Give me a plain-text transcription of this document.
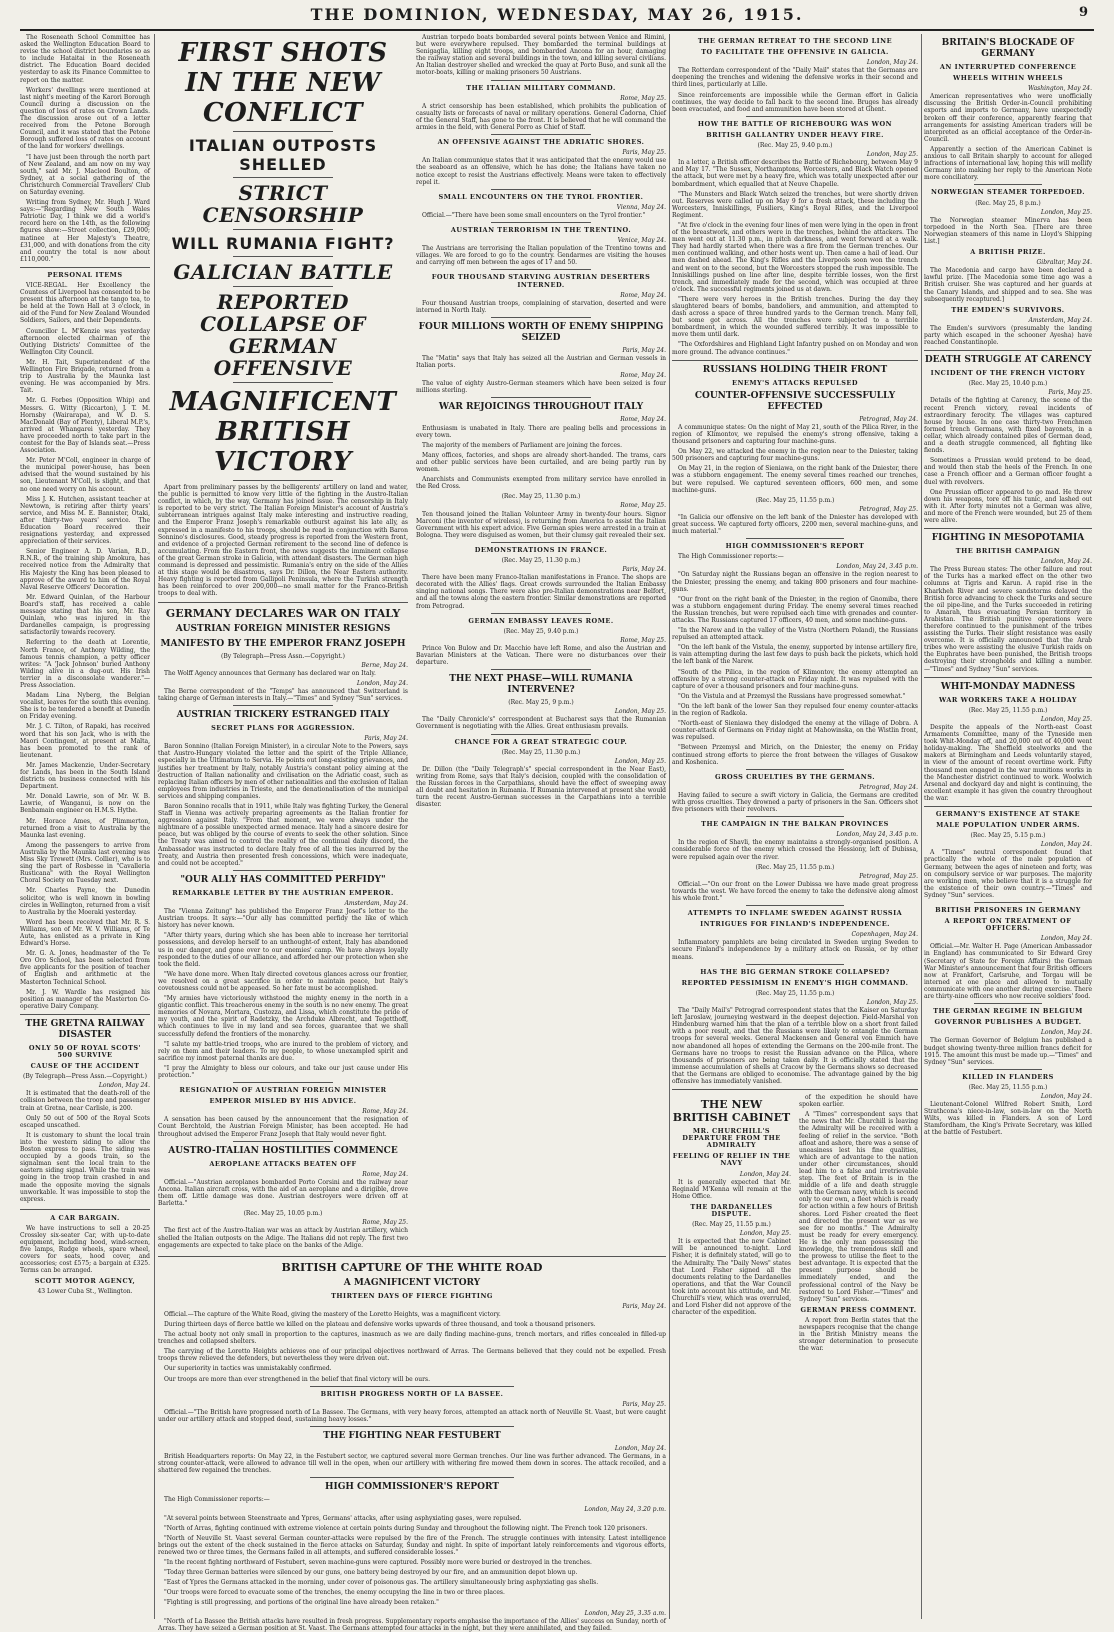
THE DOMINION, WEDNESDAY, MAY 26, 1915.	9

The Roseneath School Committee has asked the Wellington Education Board to revise the school district boundaries so as to include Hataitai in the Roseneath district. The Education Board decided yesterday to ask its Finance Committee to report on the matter.

Workers' dwellings were mentioned at last night's meeting of the Karori Borough Council during a discussion on the question of loss of rates on Crown Lands. The discussion arose out of a letter received from the Petone Borough Council, and it was stated that the Petone Borough suffered loss of rates on account of the land for workers' dwellings.

"I have just been through the north part of New Zealand, and am now on my way south," said Mr. J. Macleod Boulton, of Sydney, at a social gathering of the Christchurch Commercial Travellers' Club on Saturday evening.

Writing from Sydney, Mr. Hugh J. Ward says:—"Regarding New South Wales Patriotic Day, I think we did a world's record here on the 14th, as the following figures show:—Street collection, £29,000; matinee at Her Majesty's Theatre, £31,000, and with donations from the city and country the total is now about £110,000."

PERSONAL ITEMS

VICE-REGAL. Her Excellency the Countess of Liverpool has consented to be present this afternoon at the tango tea, to be held at the Town Hall at 3 o'clock, in aid of the Fund for New Zealand Wounded Soldiers, Sailors, and their Dependents.

Councillor L. M'Kenzie was yesterday afternoon elected chairman of the Outlying Districts' Committee of the Wellington City Council.

Mr. H. Tait, Superintendent of the Wellington Fire Brigade, returned from a trip to Australia by the Maunka last evening. He was accompanied by Mrs. Tait.

Mr. G. Forbes (Opposition Whip) and Messrs. G. Witty (Riccarton), J. T. M. Hornsby (Wairarapa), and W. D. S. MacDonald (Bay of Plenty), Liberal M.P.'s, arrived at Whangarei yesterday. They have proceeded north to take part in the contest for the Bay of Islands seat.—Press Association.

Mr. Peter M'Coll, engineer in charge of the municipal power-house, has been advised that the wound sustained by his son, Lieutenant M'Coll, is slight, and that no one need worry on his account.

Miss J. K. Hutchen, assistant teacher at Newtown, is retiring after thirty years' service, and Miss M. E. Bannister, Otaki, after thirty-two years' service. The Education Board received their resignations yesterday, and expressed appreciation of their services.

Senior Engineer A. D. Varian, R.D., R.N.R., of the training ship Amokura, has received notice from the Admiralty that His Majesty the King has been pleased to approve of the award to him of the Royal Naval Reserve Officers' Decoration.

Mr. Edward Quinlan, of the Harbour Board's staff, has received a cable message stating that his son, Mr. Ray Quinlan, who was injured in the Dardanelles campaign, is progressing satisfactorily towards recovery.

Referring to the death at Lorentie, North France, of Anthony Wilding, the famous tennis champion, a petty officer writes: "A 'Jack Johnson' buried Anthony Wilding alive in a dug-out. His Irish terrier in a disconsolate wanderer."—Press Association.

Madam Lina Nyberg, the Belgian vocalist, leaves for the south this evening. She is to be tendered a benefit at Dunedin on Friday evening.

Mr. J. C. Tilton, of Rapaki, has received word that his son Jack, who is with the Maori Contingent, at present at Malta, has been promoted to the rank of lieutenant.

Mr. James Mackenzie, Under-Secretary for Lands, has been in the South Island districts on business connected with his Department.

Mr. Donald Lawrie, son of Mr. W. B. Lawrie, of Wanganui, is now on the Benbamain engineer on H.M.S. Hythe.

Mr. Horace Ames, of Plimmerton, returned from a visit to Australia by the Maunka last evening.

Among the passengers to arrive from Australia by the Maunka last evening was Miss Sky Trewett (Mrs. Collier), who is to sing the part of Rosbesse in "Cavalleria Rusticana" with the Royal Wellington Choral Society on Tuesday next.

Mr. Charles Payne, the Dunedin solicitor, who is well known in bowling circles in Wellington, returned from a visit to Australia by the Moeraki yesterday.

Word has been received that Mr. R. S. Williams, son of Mr. W. V. Williams, of Te Aute, has enlisted as a private in King Edward's Horse.

Mr. G. A. Jones, headmaster of the Te Oro Oro School, has been selected from five applicants for the position of teacher of English and arithmetic at the Masterton Technical School.

Mr. J. W. Wardle has resigned his position as manager of the Masterton Co-operative Dairy Company.

THE GRETNA RAILWAY DISASTER
ONLY 50 OF ROYAL SCOTS' 500 SURVIVE
CAUSE OF THE ACCIDENT
(By Telegraph—Press Assn.—Copyright.)
London, May 24.

It is estimated that the death-roll of the collision between the troop and passenger train at Gretna, near Carlisle, is 200.

Only 50 out of 500 of the Royal Scots escaped unscathed.

It is customary to shunt the local train into the western siding to allow the Boston express to pass. The siding was occupied by a goods train, so the signalman sent the local train to the eastern siding signal. While the train was going in the troop train crashed in and made the opposite moving the signals unworkable. It was impossible to stop the express.

A CAR BARGAIN.

We have instructions to sell a 20-25 Crossley six-seater Car, with up-to-date equipment, including hood, wind-screen, five lamps, Rudge wheels, spare wheel, covers for seats, hood cover, and accessories; cost £575; a bargain at £325. Terms can be arranged.

SCOTT MOTOR AGENCY,
43 Lower Cuba St., Wellington.
FIRST SHOTS IN THE NEW CONFLICT
ITALIAN OUTPOSTS SHELLED
STRICT CENSORSHIP
WILL RUMANIA FIGHT?
GALICIAN BATTLE
REPORTED COLLAPSE OF GERMAN OFFENSIVE
MAGNIFICENT BRITISH VICTORY

Apart from preliminary passes by the belligerents' artillery on land and water, the public is permitted to know very little of the fighting in the Austro-Italian conflict, in which, by the way, Germany has joined issue. The censorship in Italy is reported to be very strict. The Italian Foreign Minister's account of Austria's subterranean intrigues against Italy make interesting and instructive reading, and the Emperor Franz Joseph's remarkable outburst against his late ally, as expressed in a manifesto to his troops, should be read in conjunction with Baron Sonnino's disclosures. Good, steady progress is reported from the Western front, and evidence of a projected German retirement to the second line of defence is accumulating. From the Eastern front, the news suggests the imminent collapse of the great German stroke in Galicia, with attendant disasters. The German high command is depressed and pessimistic. Rumania's entry on the side of the Allies at this stage would be disastrous, says Dr. Dillon, the Near Eastern authority. Heavy fighting is reported from Gallipoli Peninsula, where the Turkish strength has been reinforced to over 200,000—no small matter for the Franco-British troops to deal with.

GERMANY DECLARES WAR ON ITALY
AUSTRIAN FOREIGN MINISTER RESIGNS
MANIFESTO BY THE EMPEROR FRANZ JOSEPH
(By Telegraph—Press Assn.—Copyright.)
Berne, May 24.

The Wolff Agency announces that Germany has declared war on Italy.

London, May 24.

The Berne correspondent of the "Temps" has announced that Switzerland is taking charge of German interests in Italy.—"Times" and Sydney "Sun" services.

AUSTRIAN TRICKERY ESTRANGED ITALY
SECRET PLANS FOR AGGRESSION.
Paris, May 24.

Baron Sonnino (Italian Foreign Minister), in a circular Note to the Powers, says that Austro-Hungary violated the letter and the spirit of the Triple Alliance, especially in the Ultimatum to Servia. He points out long-existing grievances, and justifies her treatment by Italy, notably Austria's constant policy aiming at the destruction of Italian nationality and civilisation on the Adriatic coast, such as replacing Italian officers by men of other nationalities and the exclusion of Italian employees from industries in Trieste, and the denationalisation of the municipal services and shipping companies.

Baron Sonnino recalls that in 1911, while Italy was fighting Turkey, the General Staff in Vienna was actively preparing agreements as the Italian frontier for aggression against Italy. "From that moment, we were always under the nightmare of a possible unexpected armed menace. Italy had a sincere desire for peace, but was obliged by the course of events to seek the other solution. Since the Treaty was aimed to control the reality of the continual daily discord, the Ambassador was instructed to declare Italy free of all the ties incurred by the Treaty, and Austria then presented fresh concessions, which were inadequate, and could not be accepted."

"OUR ALLY HAS COMMITTED PERFIDY"
REMARKABLE LETTER BY THE AUSTRIAN EMPEROR.
Amsterdam, May 24.

The "Vienna Zeitung" has published the Emperor Franz Josef's letter to the Austrian troops. It says:—"Our ally has committed perfidy the like of which history has never known.

"After thirty years, during which she has been able to increase her territorial possessions, and develop herself to an unthought-of extent, Italy has abandoned us in our danger, and gone over to our enemies' camp. We have always loyally responded to the duties of our alliance, and afforded her our protection when she took the field.

"We have done more. When Italy directed covetous glances across our frontier, we resolved on a great sacrifice in order to maintain peace, but Italy's covetousness could not be appeased. So her fate must be accomplished.

"My armies have victoriously withstood the mighty enemy in the north in a gigantic conflict. This treacherous enemy in the south is no new enemy. The great memories of Novara, Mortara, Custozza, and Lissa, which constitute the pride of my youth, and the spirit of Radetzky, the Archduke Albrecht, and Tegetthoff, which continues to live in my land and sea forces, guarantee that we shall successfully defend the frontiers of the monarchy.

"I salute my battle-tried troops, who are inured to the problem of victory, and rely on them and their leaders. To my people, to whose unexampled spirit and sacrifice my inmost paternal thanks are due.

"I pray the Almighty to bless our colours, and take our just cause under His protection."

RESIGNATION OF AUSTRIAN FOREIGN MINISTER
EMPEROR MISLED BY HIS ADVICE.
Rome, May 24.

A sensation has been caused by the announcement that the resignation of Count Berchtold, the Austrian Foreign Minister, has been accepted. He had throughout advised the Emperor Franz Joseph that Italy would never fight.

AUSTRO-ITALIAN HOSTILITIES COMMENCE
AEROPLANE ATTACKS BEATEN OFF
Rome, May 24.

Official.—"Austrian aeroplanes bombarded Porto Corsini and the railway near Ancona. Italian aircraft cross, with the aid of an aeroplane and a dirigible, drove them off. Little damage was done. Austrian destroyers were driven off at Barletta."

(Rec. May 25, 10.05 p.m.)
Rome, May 25.

The first act of the Austro-Italian war was an attack by Austrian artillery, which shelled the Italian outposts on the Adige. The Italians did not reply. The first two engagements are expected to take place on the banks of the Adige.

Austrian torpedo boats bombarded several points between Venice and Rimini, but were everywhere repulsed. They bombarded the terminal buildings at Senigaglia, killing eight troops, and bombarded Ancona for an hour, damaging the railway station and several buildings in the town, and killing several civilians. An Italian destroyer shelled and wrecked the quay at Porto Buso, and sunk all the motor-boats, killing or making prisoners 50 Austrians.

THE ITALIAN MILITARY COMMAND.
Rome, May 25.

A strict censorship has been established, which prohibits the publication of casualty lists or forecasts of naval or military operations. General Cadorna, Chief of the General Staff, has gone to the front. It is believed that he will command the armies in the field, with General Porro as Chief of Staff.

AN OFFENSIVE AGAINST THE ADRIATIC SHORES.
Paris, May 25.

An Italian communique states that it was anticipated that the enemy would use the seaboard as an offensive, which he has done; the Italians have taken no notice except to resist the Austrians effectively. Means were taken to effectively repel it.

SMALL ENCOUNTERS ON THE TYROL FRONTIER.
Vienna, May 24.

Official.—"There have been some small encounters on the Tyrol frontier."

AUSTRIAN TERRORISM IN THE TRENTINO.
Venice, May 24.

The Austrians are terrorising the Italian population of the Trentino towns and villages. We are forced to go to the country. Gendarmes are visiting the houses and carrying off men between the ages of 17 and 50.

FOUR THOUSAND STARVING AUSTRIAN DESERTERS INTERNED.
Rome, May 24.

Four thousand Austrian troops, complaining of starvation, deserted and were interned in North Italy.

FOUR MILLIONS WORTH OF ENEMY SHIPPING SEIZED
Paris, May 24.

The "Matin" says that Italy has seized all the Austrian and German vessels in Italian ports.

Rome, May 24.

The value of eighty Austro-German steamers which have been seized is four millions sterling.

WAR REJOICINGS THROUGHOUT ITALY
Rome, May 24.

Enthusiasm is unabated in Italy. There are pealing bells and processions in every town.

The majority of the members of Parliament are joining the forces.

Many offices, factories, and shops are already short-handed. The trams, cars and other public services have been curtailed, and are being partly run by women.

Anarchists and Communists exempted from military service have enrolled in the Red Cross.

(Rec. May 25, 11.30 p.m.)
Rome, May 25.

Ten thousand joined the Italian Volunteer Army in twenty-four hours. Signor Marconi (the inventor of wireless), is returning from America to assist the Italian Government with his expert advice. Five German spies were arrested in a train at Bologna. They were disguised as women, but their clumsy gait revealed their sex.

DEMONSTRATIONS IN FRANCE.
(Rec. May 25, 11.30 p.m.)
Paris, May 24.

There have been many Franco-Italian manifestations in France. The shops are decorated with the Allies' flags. Great crowds surrounded the Italian Embassy singing national songs. There were also pro-Italian demonstrations near Belfort, and all the towns along the eastern frontier. Similar demonstrations are reported from Petrograd.

GERMAN EMBASSY LEAVES ROME.
(Rec. May 25, 9.40 p.m.)
Rome, May 25.

Prince Von Bulow and Dr. Macchio have left Rome, and also the Austrian and Bavarian Ministers at the Vatican. There were no disturbances over their departure.

THE NEXT PHASE—WILL RUMANIA INTERVENE?
(Rec. May 25, 9 p.m.)
London, May 25.

The "Daily Chronicle's" correspondent at Bucharest says that the Rumanian Government is negotiating with the Allies. Great enthusiasm prevails.

CHANCE FOR A GREAT STRATEGIC COUP.
(Rec. May 25, 11.30 p.m.)
London, May 25.

Dr. Dillon (the "Daily Telegraph's" special correspondent in the Near East), writing from Rome, says that Italy's decision, coupled with the consolidation of the Russian forces in the Carpathians, should have the effect of sweeping away all doubt and hesitation in Rumania. If Rumania intervened at present she would turn the recent Austro-German successes in the Carpathians into a terrible disaster.

BRITISH CAPTURE OF THE WHITE ROAD
A MAGNIFICENT VICTORY
THIRTEEN DAYS OF FIERCE FIGHTING
Paris, May 24.

Official.—The capture of the White Road, giving the mastery of the Loretto Heights, was a magnificent victory.

During thirteen days of fierce battle we killed on the plateau and defensive works upwards of three thousand, and took a thousand prisoners.

The actual booty not only small in proportion to the captures, inasmuch as we are daily finding machine-guns, trench mortars, and rifles concealed in filled-up trenches and collapsed shelters.

The carrying of the Loretto Heights achieves one of our principal objectives northward of Arras. The Germans believed that they could not be expelled. Fresh troops threw relieved the defenders, but nevertheless they were driven out.

Our superiority in tactics was unmistakably confirmed.

Our troops are more than ever strengthened in the belief that final victory will be ours.

BRITISH PROGRESS NORTH OF LA BASSEE.
Paris, May 25.

Official.—"The British have progressed north of La Bassee. The Germans, with very heavy forces, attempted an attack north of Neuville St. Vaast, but were caught under our artillery attack and stopped dead, sustaining heavy losses."

THE FIGHTING NEAR FESTUBERT
London, May 24.

British Headquarters reports: On May 22, in the Festubert sector, we captured several more German trenches. Our line was further advanced. The Germans, in a strong counter-attack, were allowed to advance till well in the open, when our artillery with withering fire mowed them down in scores. The attack recoiled, and a shattered few regained the trenches.

HIGH COMMISSIONER'S REPORT

The High Commissioner reports:—

London, May 24, 3.20 p.m.

"At several points between Steenstraate and Ypres, Germans' attacks, after using asphyxiating gases, were repulsed.

"North of Arras, fighting continued with extreme violence at certain points during Sunday and throughout the following night. The French took 120 prisoners.

"North of Neuville St. Vaast several German counter-attacks were repulsed by the fire of the French. The struggle continues with intensity. Latest intelligence brings out the extent of the check sustained in the fierce attacks on Saturday, Sunday and night. In spite of important lately reinforcements and vigorous efforts, renewed two or three times, the Germans failed in all attempts, and suffered considerable losses."

"In the recent fighting northward of Festubert, seven machine-guns were captured. Possibly more were buried or destroyed in the trenches.

"Today three German batteries were silenced by our guns, one battery being destroyed by our fire, and an ammunition depot blown up.

"East of Ypres the Germans attacked in the morning, under cover of poisonous gas. The artillery simultaneously bring asphyxiating gas shells.

"Our troops were forced to evacuate some of the trenches, the enemy occupying the line in two or three places.

"Fighting is still progressing, and portions of the original line have already been retaken."

London, May 25, 3.35 a.m.

"North of La Bassee the British attacks have resulted in fresh progress. Supplementary reports emphasise the importance of the Allies' success on Sunday, north of Arras. They have seized a German position at St. Vaast. The Germans attempted four attacks in the night, but they were annihilated, and they failed.

THE GERMAN RETREAT TO THE SECOND LINE
TO FACILITATE THE OFFENSIVE IN GALICIA.
London, May 24.

The Rotterdam correspondent of the "Daily Mail" states that the Germans are deepening the trenches and widening the defensive works in their second and third lines, particularly at Lille.

Since reinforcements are impossible while the German effort in Galicia continues, the way decide to fall back to the second line. Bruges has already been evacuated, and food and ammunition have been stored at Ghent.

HOW THE BATTLE OF RICHEBOURG WAS WON
BRITISH GALLANTRY UNDER HEAVY FIRE.
(Rec. May 25, 9.40 p.m.)
London, May 25.

In a letter, a British officer describes the Battle of Richebourg, between May 9 and May 17. "The Sussex, Northamptons, Worcesters, and Black Watch opened the attack, but were met by a heavy fire, which was totally unexpected after our bombardment, which equalled that at Neuve Chapelle.

"The Munsters and Black Watch seized the trenches, but were shortly driven out. Reserves were called up on May 9 for a fresh attack, these including the Worcesters, Inniskillings, Fusiliers, King's Royal Rifles, and the Liverpool Regiment.

"At five o'clock in the evening four lines of men were lying in the open in front of the breastwork, and others were in the trenches, behind the attackers. The men went out at 11.30 p.m., in pitch darkness, and went forward at a walk. They had hardly started when there was a fire from the German trenches. Our men continued walking, and other hosts went up. Then came a hail of lead. Our men dashed ahead. The King's Rifles and the Liverpools soon won the trench and went on to the second, but the Worcesters stopped the rush impossible. The Inniskillings pushed on line after line, despite terrible losses, won the first trench, and immediately made for the second, which was occupied at three o'clock. The successful regiments joined us at dawn.

"There were very heroes in the British trenches. During the day they slaughtered bears of bombs, bandoliers, and ammunition, and attempted to dash across a space of three hundred yards to the German trench. Many fell, but some got across. All the trenches were subjected to a terrible bombardment, in which the wounded suffered terribly. It was impossible to move them until dark.

"The Oxfordshires and Highland Light Infantry pushed on on Monday and won more ground. The advance continues."

RUSSIANS HOLDING THEIR FRONT
ENEMY'S ATTACKS REPULSED
COUNTER-OFFENSIVE SUCCESSFULLY EFFECTED
Petrograd, May 24.

A communique states: On the night of May 21, south of the Pilica River, in the region of Klimontov, we repulsed the enemy's strong offensive, taking a thousand prisoners and capturing four machine-guns.

On May 22, we attacked the enemy in the region near to the Dniester, taking 500 prisoners and capturing four machine-guns.

On May 21, in the region of Sieniawa, on the right bank of the Dniester, there was a stubborn engagement. The enemy several times reached our trenches, but were repulsed. We captured seventeen officers, 600 men, and some machine-guns.

(Rec. May 25, 11.55 p.m.)
Petrograd, May 25.

"In Galicia our offensive on the left bank of the Dniester has developed with great success. We captured forty officers, 2200 men, several machine-guns, and much material."

HIGH COMMISSIONER'S REPORT

The High Commissioner reports:—

London, May 24, 3.45 p.m.

"On Saturday night the Russians began an offensive in the region nearest to the Dniester, pressing the enemy, and taking 800 prisoners and four machine-guns.

"Our front on the right bank of the Dniester, in the region of Gnomiba, there was a stubborn engagement during Friday. The enemy several times reached the Russian trenches, but were repulsed each time with grenades and counter-attacks. The Russians captured 17 officers, 40 men, and some machine-guns.

"In the Narew and in the valley of the Vistra (Northern Poland), the Russians repulsed an attempted attack.

"On the left bank of the Vistula, the enemy, supported by intense artillery fire, is vain attempting during the last few days to push back the pickets, which hold the left bank of the Narew.

"South of the Pilica, in the region of Klimontov, the enemy attempted an offensive by a strong counter-attack on Friday night. It was repulsed with the capture of over a thousand prisoners and four machine-guns.

"On the Vistula and at Przemysl the Russians have progressed somewhat."

"On the left bank of the lower San they repulsed four enemy counter-attacks in the region of Radkola.

"North-east of Sieniawa they dislodged the enemy at the village of Dobra. A counter-attack of Germans on Friday night at Mahowinska, on the Wistlin front, was repulsed.

"Between Przemysl and Mirich, on the Dniester, the enemy on Friday continued strong efforts to pierce the front between the villages of Gusakow and Koshenica.

GROSS CRUELTIES BY THE GERMANS.
Petrograd, May 24.

Having failed to secure a swift victory in Galicia, the Germans are credited with gross cruelties. They drowned a party of prisoners in the San. Officers shot five prisoners with their revolvers.

THE CAMPAIGN IN THE BALKAN PROVINCES
London, May 24, 3.45 p.m.

In the region of Shavli, the enemy maintains a strongly-organised position. A considerable force of the enemy which crossed the Hessiony, left of Dubissa, were repulsed again over the river.

(Rec. May 25, 11.55 p.m.)
Petrograd, May 25.

Official.—"On our front on the Lower Dubissa we have made great progress towards the west. We have forced the enemy to take the defensive along almost his whole front."

ATTEMPTS TO INFLAME SWEDEN AGAINST RUSSIA
INTRIGUES FOR FINLAND'S INDEPENDENCE.
Copenhagen, May 24.

Inflammatory pamphlets are being circulated in Sweden urging Sweden to secure Finland's independence by a military attack on Russia, or by other means.

HAS THE BIG GERMAN STROKE COLLAPSED?
REPORTED PESSIMISM IN ENEMY'S HIGH COMMAND.
(Rec. May 25, 11.55 p.m.)
London, May 25.

The "Daily Mail's" Petrograd correspondent states that the Kaiser on Saturday left Jaroslaw, journeying westward in the deepest dejection. Field-Marshal von Hindenburg warned him that the plan of a terrible blow on a short front failed with a poor result, and that the Russians were likely to entangle the German troops for several weeks. General Mackensen and General von Emmich have now abandoned all hopes of extending the Germans on the 200-mile front. The Germans have no troops to resist the Russian advance on the Pilica, where thousands of prisoners are being taken daily. It is officially stated that the immense accumulation of shells at Cracow by the Germans shows so decreased that the Germans are obliged to economise. The advantage gained by the big offensive has immediately vanished.

THE NEW BRITISH CABINET
MR. CHURCHILL'S DEPARTURE FROM THE ADMIRALTY
FEELING OF RELIEF IN THE NAVY
London, May 24.

It is generally expected that Mr. Reginald M'Kenna will remain at the Home Office.

THE DARDANELLES DISPUTE.
(Rec. May 25, 11.55 p.m.)
London, May 25.

It is expected that the new Cabinet will be announced to-night. Lord Fisher, it is definitely stated, will go to the Admiralty. The "Daily News" states that Lord Fisher signed all the documents relating to the Dardanelles operations, and that the War Council took into account his attitude, and Mr. Churchill's view, which was overruled, and Lord Fisher did not approve of the character of the expedition.

of the expedition he should have spoken earlier.

A "Times" correspondent says that the news that Mr. Churchill is leaving the Admiralty will be received with a feeling of relief in the service. "Both afloat and ashore, there was a sense of uneasiness lest his fine qualities, which are of advantage to the nation under other circumstances, should lead him to a false and irretrievable step. The feet of Britain is in the middle of a life and death struggle with the German navy, which is second only to our own, a fleet which is ready for action within a few hours of British shores. Lord Fisher created the fleet and directed the present war as we see for no months." The Admiralty must be ready for every emergency. He is the only man possessing the knowledge, the tremendous skill and the prowess to utilise the fleet to the best advantage. It is expected that the present purpose should be immediately ended, and the professional control of the Navy be restored to Lord Fisher.—"Times" and Sydney "Sun" services.

GERMAN PRESS COMMENT.

A report from Berlin states that the newspapers recognise that the change in the British Ministry means the stronger determination to prosecute the war.

BRITAIN'S BLOCKADE OF GERMANY
AN INTERRUPTED CONFERENCE
WHEELS WITHIN WHEELS
Washington, May 24.

American representatives who were unofficially discussing the British Order-in-Council prohibiting exports and imports to Germany, have unexpectedly broken off their conference, apparently fearing that arrangements for assisting American traders will be interpreted as an official acceptance of the Order-in-Council.

Apparently a section of the American Cabinet is anxious to call Britain sharply to account for alleged infractions of international law, hoping this will mollify Germany into making her reply to the American Note more conciliatory.

NORWEGIAN STEAMER TORPEDOED.
(Rec. May 25, 8 p.m.)
London, May 25.

The Norwegian steamer Minerva has been torpedoed in the North Sea. [There are three Norwegian steamers of this name in Lloyd's Shipping List.]

A BRITISH PRIZE.
Gibraltar, May 24.

The Macedonia and cargo have been declared a lawful prize. [The Macedonia some time ago was a British cruiser. She was captured and her guards at the Canary Islands, and shipped and to sea. She was subsequently recaptured.]

THE EMDEN'S SURVIVORS.
Amsterdam, May 24.

The Emden's survivors (presumably the landing party which escaped in the schooner Ayesha) have reached Constantinople.

DEATH STRUGGLE AT CARENCY
INCIDENT OF THE FRENCH VICTORY
(Rec. May 25, 10.40 p.m.)
Paris, May 25.

Details of the fighting at Carency, the scene of the recent French victory, reveal incidents of extraordinary ferocity. The villages was captured house by house. In one case thirty-two Frenchmen formed trench Germans, with fixed bayonets, in a cellar, which already contained piles of German dead, and a death struggle commenced, all fighting like fiends.

Sometimes a Prussian would pretend to be dead, and would then stab the heels of the French. In one case a French officer and a German officer fought a duel with revolvers.

One Prussian officer appeared to go mad. He threw down his weapons, tore off his tunic, and lashed out with it. After forty minutes not a German was alive, and more of the French were wounded, but 25 of them were alive.

FIGHTING IN MESOPOTAMIA
THE BRITISH CAMPAIGN
London, May 24.

The Press Bureau states: The other failure and rout of the Turks has a marked effect on the other two columns at Tigris and Karun. A rapid rise in the Kharkheh River and severe sandstorms delayed the British force advancing to check the Turks and secure the oil pipe-line, and the Turks succeeded in retiring to Amarah, thus evacuating Persian territory in Arabistan. The British punitive operations were therefore continued to the punishment of the tribes assisting the Turks. Their slight resistance was easily overcome. It is officially announced that the Arab tribes who were assisting the elusive Turkish raids on the Euphrates have been punished, the British troops destroying their strongholds and killing a number.—"Times" and Sydney "Sun" services.

WHIT-MONDAY MADNESS
WAR WORKERS TAKE A HOLIDAY
(Rec. May 25, 11.55 p.m.)
London, May 25.

Despite the appeals of the North-east Coast Armaments Committee, many of the Tyneside men took Whit-Monday off, and 20,000 out of 40,000 went holiday-making. The Sheffield steelworks and the makers at Birmingham and Leeds voluntarily stayed, in view of the amount of recent overtime work. Fifty thousand men engaged in the war munitions works in the Manchester district continued to work. Woolwich Arsenal and dockyard day and night is continuing, the excellent example it has given the country throughout the war.

GERMANY'S EXISTENCE AT STAKE
MALE POPULATION UNDER ARMS.
(Rec. May 25, 5.15 p.m.)
London, May 24.

A "Times" neutral correspondent found that practically the whole of the male population of Germany, between the ages of nineteen and forty, was on compulsory service or war purposes. The majority are working men, who believe that it is a struggle for the existence of their own country.—"Times" and Sydney "Sun" services.

BRITISH PRISONERS IN GERMANY
A REPORT ON TREATMENT OF OFFICERS.
London, May 24.

Official.—Mr. Walter H. Page (American Ambassador in England) has communicated to Sir Edward Grey (Secretary of State for Foreign Affairs) the German War Minister's announcement that four British officers now at Frankfort, Carlsruhe, and Torgau will be interned at one place and allowed to mutually communicate with one another during exercise. There are thirty-nine officers who now receive soldiers' food.

THE GERMAN REGIME IN BELGIUM
GOVERNOR PUBLISHES A BUDGET.
London, May 24.

The German Governor of Belgium has published a budget showing twenty-three million francs deficit for 1915. The amount this must be made up.—"Times" and Sydney "Sun" services.

KILLED IN FLANDERS
(Rec. May 25, 11.55 p.m.)
London, May 24.

Lieutenant-Colonel Wilfred Robert Smith, Lord Strathcona's niece-in-law, son-in-law on the North Wilts, was killed in Flanders. A son of Lord Stamfordham, the King's Private Secretary, was killed at the battle of Festubert.
